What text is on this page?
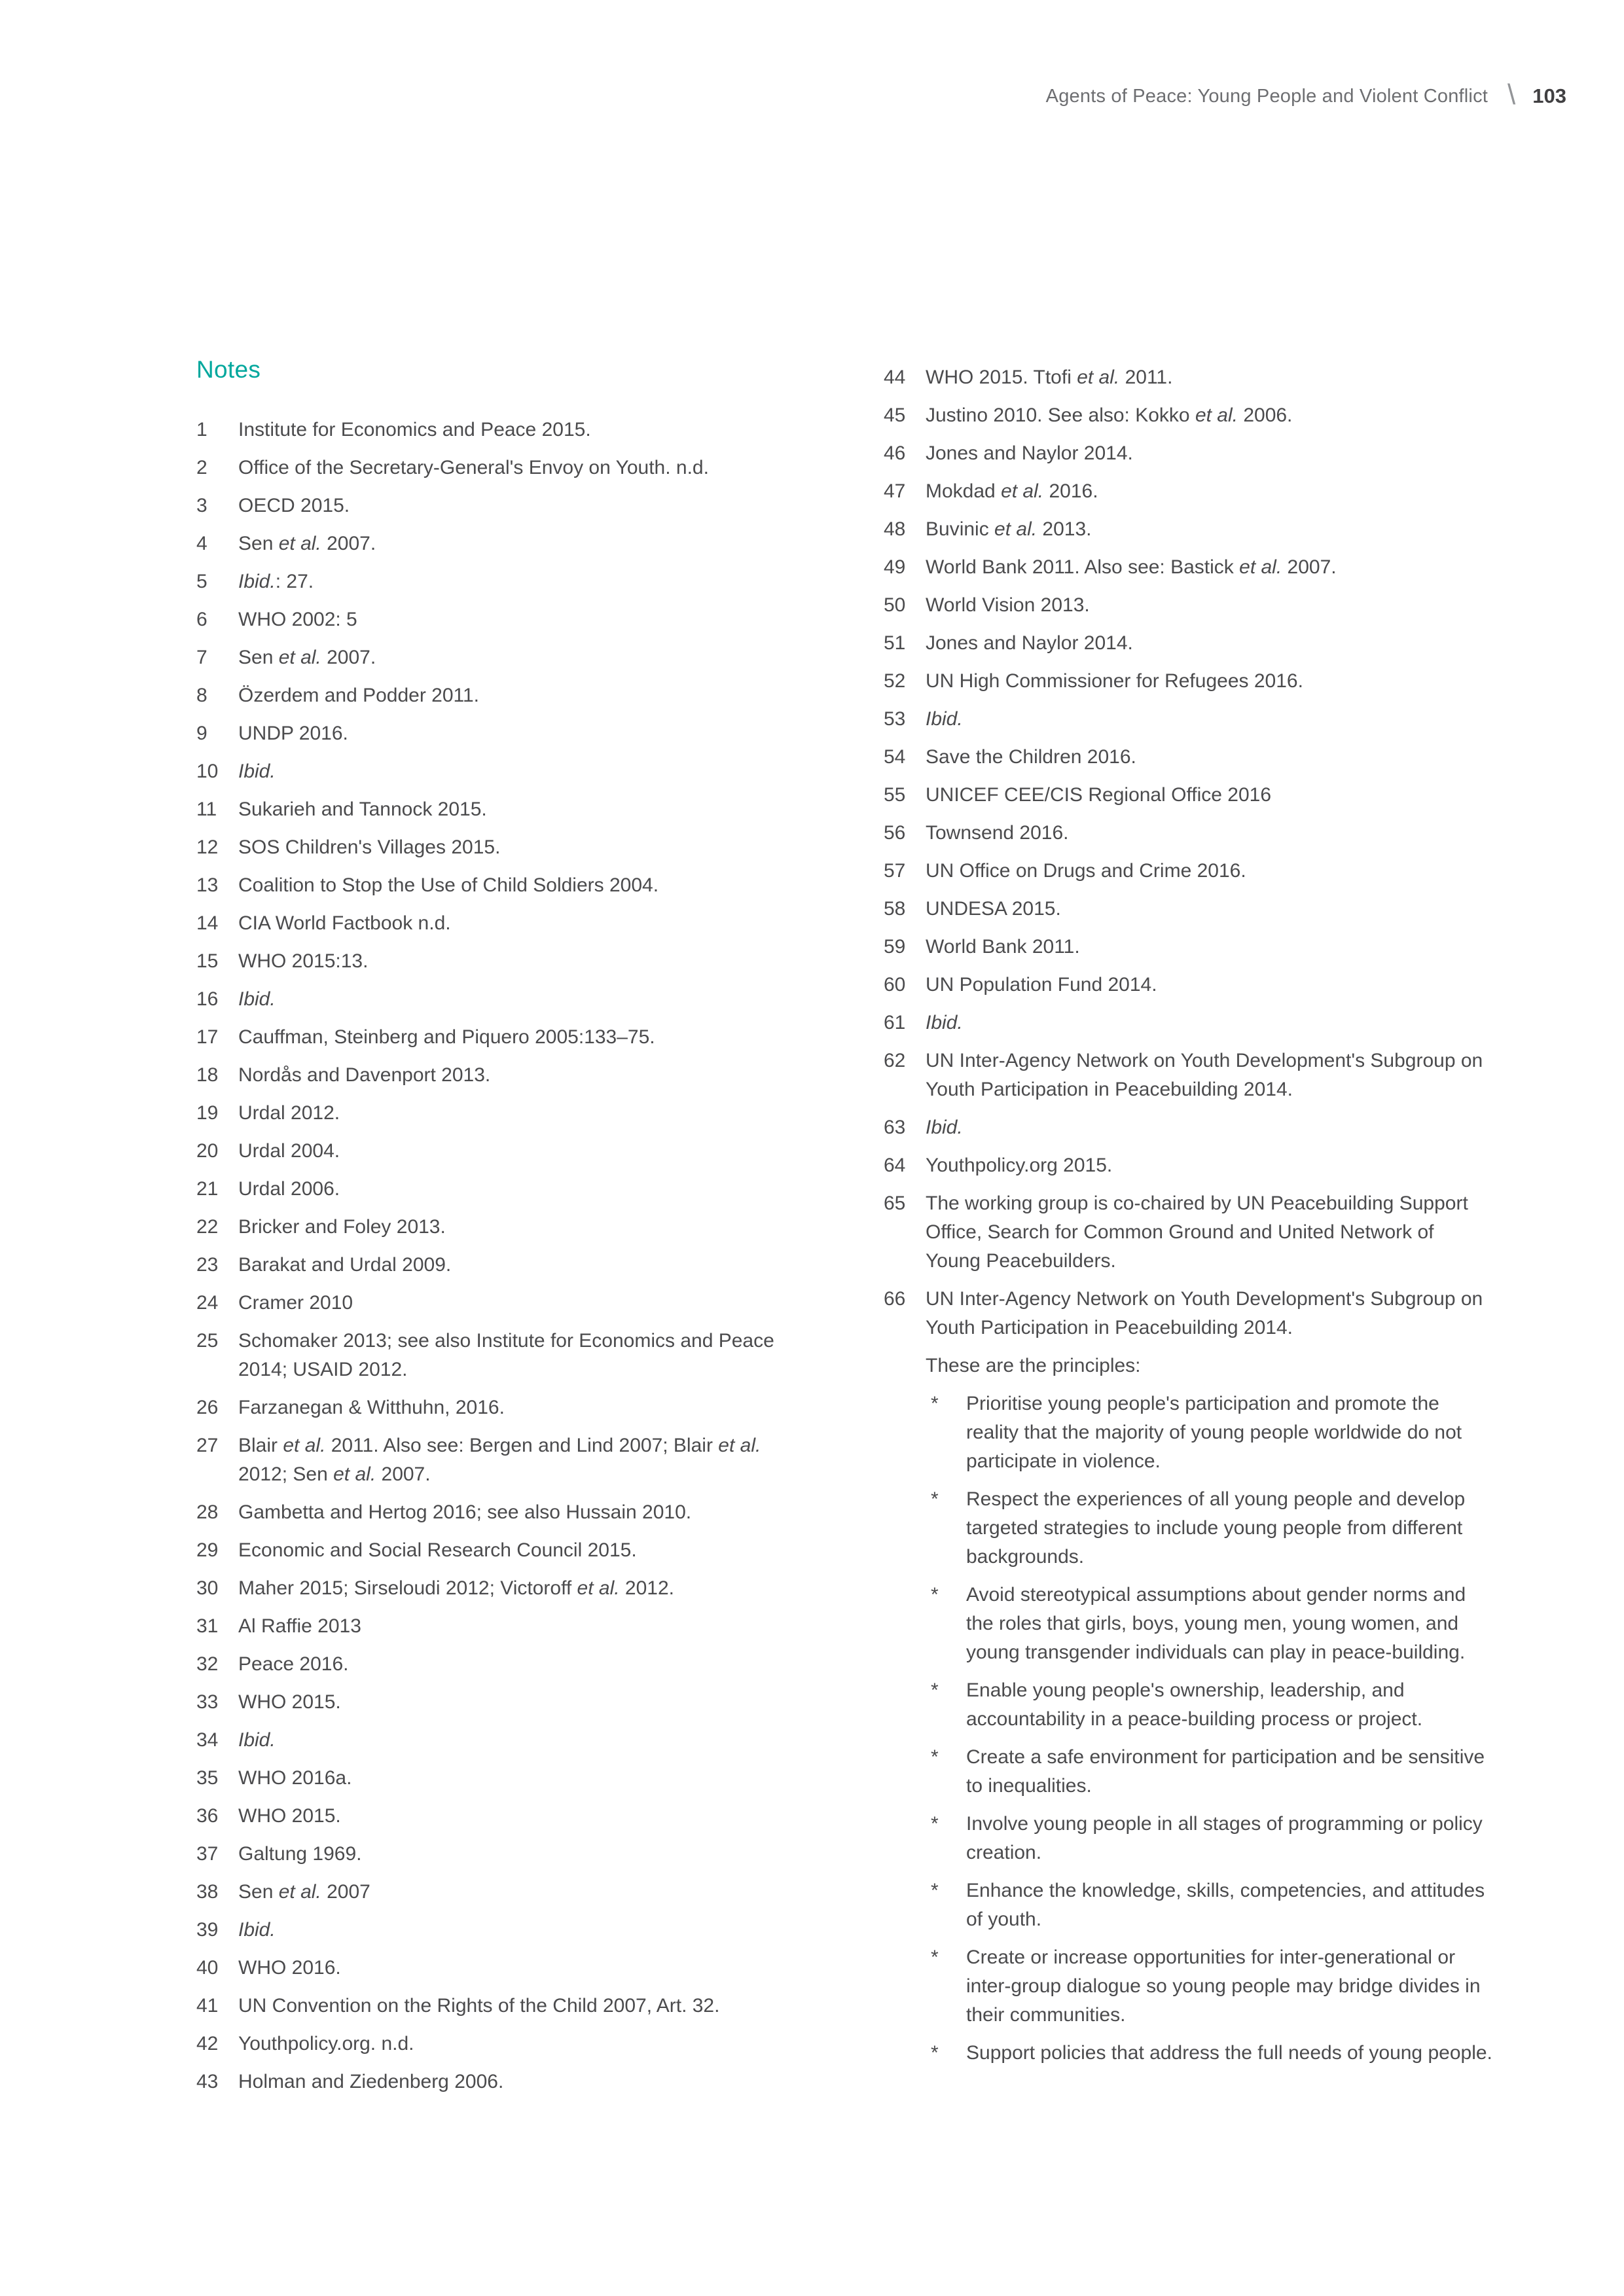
Agents of Peace: Young People and Violent Conflict \ 103
Notes
1	Institute for Economics and Peace 2015.
2	Office of the Secretary-General's Envoy on Youth. n.d.
3	OECD 2015.
4	Sen et al. 2007.
5	Ibid.: 27.
6	WHO 2002: 5
7	Sen et al. 2007.
8	Özerdem and Podder 2011.
9	UNDP 2016.
10	Ibid.
11	Sukarieh and Tannock 2015.
12	SOS Children's Villages 2015.
13	Coalition to Stop the Use of Child Soldiers 2004.
14	CIA World Factbook n.d.
15	WHO 2015:13.
16	Ibid.
17	Cauffman, Steinberg and Piquero 2005:133–75.
18	Nordås and Davenport 2013.
19	Urdal 2012.
20	Urdal 2004.
21	Urdal 2006.
22	Bricker and Foley 2013.
23	Barakat and Urdal 2009.
24	Cramer 2010
25	Schomaker 2013; see also Institute for Economics and Peace 2014; USAID 2012.
26	Farzanegan & Witthuhn, 2016.
27	Blair et al. 2011. Also see: Bergen and Lind 2007; Blair et al. 2012; Sen et al. 2007.
28	Gambetta and Hertog 2016; see also Hussain 2010.
29	Economic and Social Research Council 2015.
30	Maher 2015; Sirseloudi 2012; Victoroff et al. 2012.
31	Al Raffie 2013
32	Peace 2016.
33	WHO 2015.
34	Ibid.
35	WHO 2016a.
36	WHO 2015.
37	Galtung 1969.
38	Sen et al. 2007
39	Ibid.
40	WHO 2016.
41	UN Convention on the Rights of the Child 2007, Art. 32.
42	Youthpolicy.org. n.d.
43	Holman and Ziedenberg 2006.
44	WHO 2015. Ttofi et al. 2011.
45	Justino 2010. See also: Kokko et al. 2006.
46	Jones and Naylor 2014.
47	Mokdad et al. 2016.
48	Buvinic et al. 2013.
49	World Bank 2011. Also see: Bastick et al. 2007.
50	World Vision 2013.
51	Jones and Naylor 2014.
52	UN High Commissioner for Refugees 2016.
53	Ibid.
54	Save the Children 2016.
55	UNICEF CEE/CIS Regional Office 2016
56	Townsend 2016.
57	UN Office on Drugs and Crime 2016.
58	UNDESA 2015.
59	World Bank 2011.
60	UN Population Fund 2014.
61	Ibid.
62	UN Inter-Agency Network on Youth Development's Subgroup on Youth Participation in Peacebuilding 2014.
63	Ibid.
64	Youthpolicy.org 2015.
65	The working group is co-chaired by UN Peacebuilding Support Office, Search for Common Ground and United Network of Young Peacebuilders.
66	UN Inter-Agency Network on Youth Development's Subgroup on Youth Participation in Peacebuilding 2014.
These are the principles:
*	Prioritise young people's participation and promote the reality that the majority of young people worldwide do not participate in violence.
*	Respect the experiences of all young people and develop targeted strategies to include young people from different backgrounds.
*	Avoid stereotypical assumptions about gender norms and the roles that girls, boys, young men, young women, and young transgender individuals can play in peace-building.
*	Enable young people's ownership, leadership, and accountability in a peace-building process or project.
*	Create a safe environment for participation and be sensitive to inequalities.
*	Involve young people in all stages of programming or policy creation.
*	Enhance the knowledge, skills, competencies, and attitudes of youth.
*	Create or increase opportunities for inter-generational or inter-group dialogue so young people may bridge divides in their communities.
*	Support policies that address the full needs of young people.
